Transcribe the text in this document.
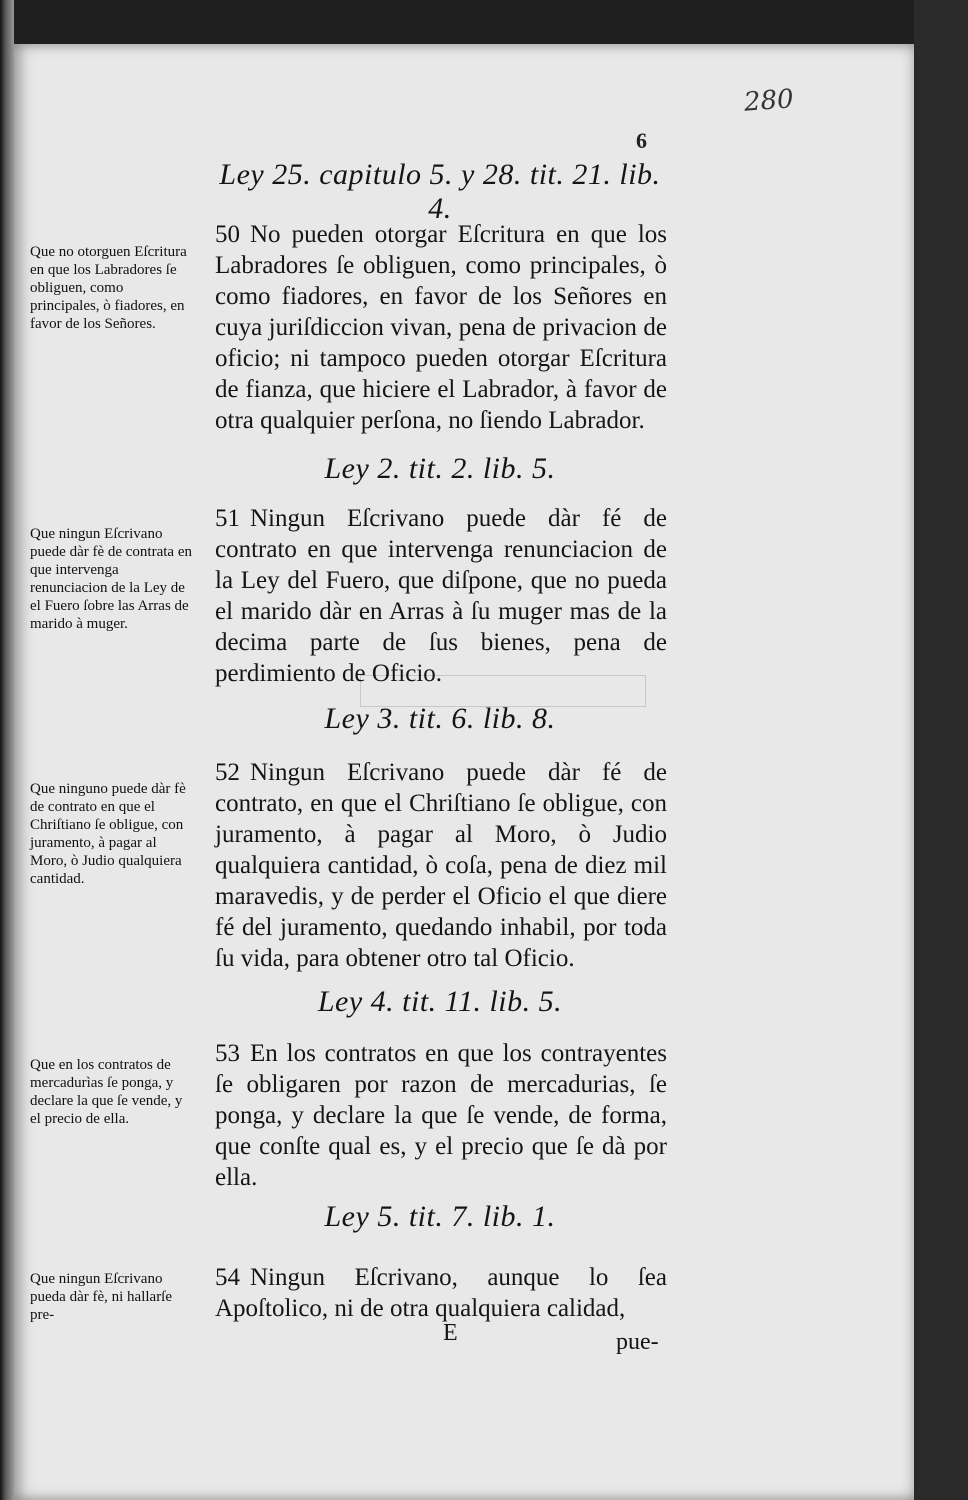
280
6
Ley 25. capitulo 5. y 28. tit. 21. lib. 4.
50 No pueden otorgar Eſcritura en que los Labradores ſe obliguen, como principales, ò como fiadores, en favor de los Señores en cuya juriſdiccion vivan, pena de privacion de oficio; ni tampoco pueden otorgar Eſcritura de fianza, que hiciere el Labrador, à favor de otra qualquier perſona, no ſiendo Labrador.
Que no otorguen Eſcritura en que los Labradores ſe obliguen, como principales, ò fiadores, en favor de los Señores.
Ley 2. tit. 2. lib. 5.
51 Ningun Eſcrivano puede dàr fé de contrato en que intervenga renunciacion de la Ley del Fuero, que diſpone, que no pueda el marido dàr en Arras à ſu muger mas de la decima parte de ſus bienes, pena de perdimiento de Oficio.
Que ningun Eſcrivano puede dàr fè de contrata en que intervenga renunciacion de la Ley de el Fuero ſobre las Arras de marido à muger.
Ley 3. tit. 6. lib. 8.
52 Ningun Eſcrivano puede dàr fé de contrato, en que el Chriſtiano ſe obligue, con juramento, à pagar al Moro, ò Judio qualquiera cantidad, ò coſa, pena de diez mil maravedis, y de perder el Oficio el que diere fé del juramento, quedando inhabil, por toda ſu vida, para obtener otro tal Oficio.
Que ninguno puede dàr fè de contrato en que el Chriſtiano ſe obligue, con juramento, à pagar al Moro, ò Judio qualquiera cantidad.
Ley 4. tit. 11. lib. 5.
53 En los contratos en que los contrayentes ſe obligaren por razon de mercadurias, ſe ponga, y declare la que ſe vende, de forma, que conſte qual es, y el precio que ſe dà por ella.
Que en los contratos de mercadurìas ſe ponga, y declare la que ſe vende, y el precio de ella.
Ley 5. tit. 7. lib. 1.
54 Ningun Eſcrivano, aunque lo ſea Apoſtolico, ni de otra qualquiera calidad,
Que ningun Eſcrivano pueda dàr fè, ni hallarſe pre-
E	pue-
